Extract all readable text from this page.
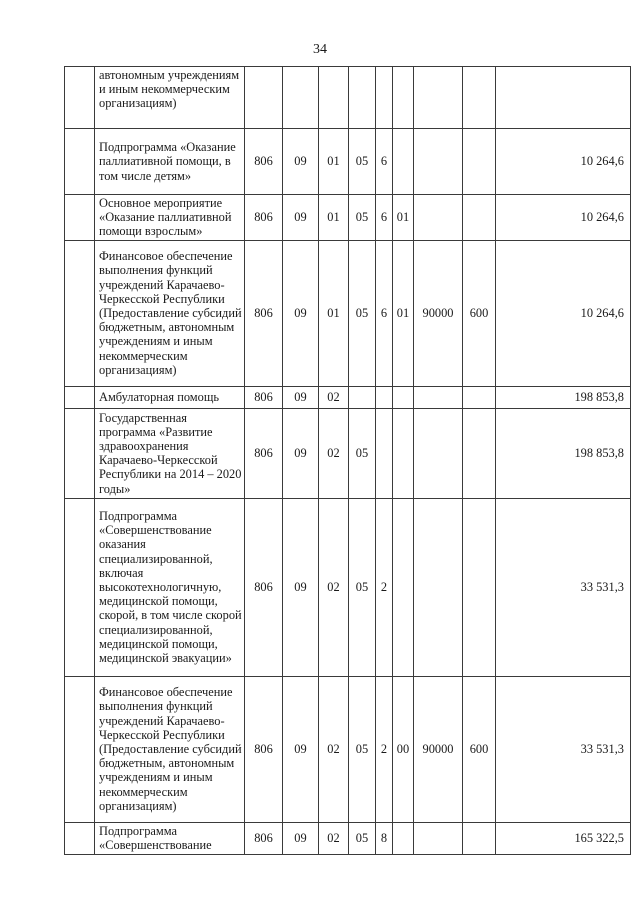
34
	автономным учреждениям и иным некоммерческим организациям)									
	Подпрограмма «Оказание паллиативной помощи, в том числе детям»	806	09	01	05	6				10 264,6
	Основное мероприятие «Оказание паллиативной помощи взрослым»	806	09	01	05	6	01			10 264,6
	Финансовое обеспечение выполнения функций учреждений Карачаево-Черкесской Республики (Предоставление субсидий бюджетным, автономным учреждениям и иным некоммерческим организациям)	806	09	01	05	6	01	90000	600	10 264,6
	Амбулаторная помощь	806	09	02						198 853,8
	Государственная программа «Развитие здравоохранения Карачаево-Черкесской Республики на 2014 – 2020 годы»	806	09	02	05					198 853,8
	Подпрограмма «Совершенствование оказания специализированной, включая высокотехнологичную, медицинской помощи, скорой, в том числе скорой специализированной, медицинской помощи, медицинской эвакуации»	806	09	02	05	2				33 531,3
	Финансовое обеспечение выполнения функций учреждений Карачаево-Черкесской Республики (Предоставление субсидий бюджетным, автономным учреждениям и иным некоммерческим организациям)	806	09	02	05	2	00	90000	600	33 531,3
	Подпрограмма «Совершенствование	806	09	02	05	8				165 322,5
